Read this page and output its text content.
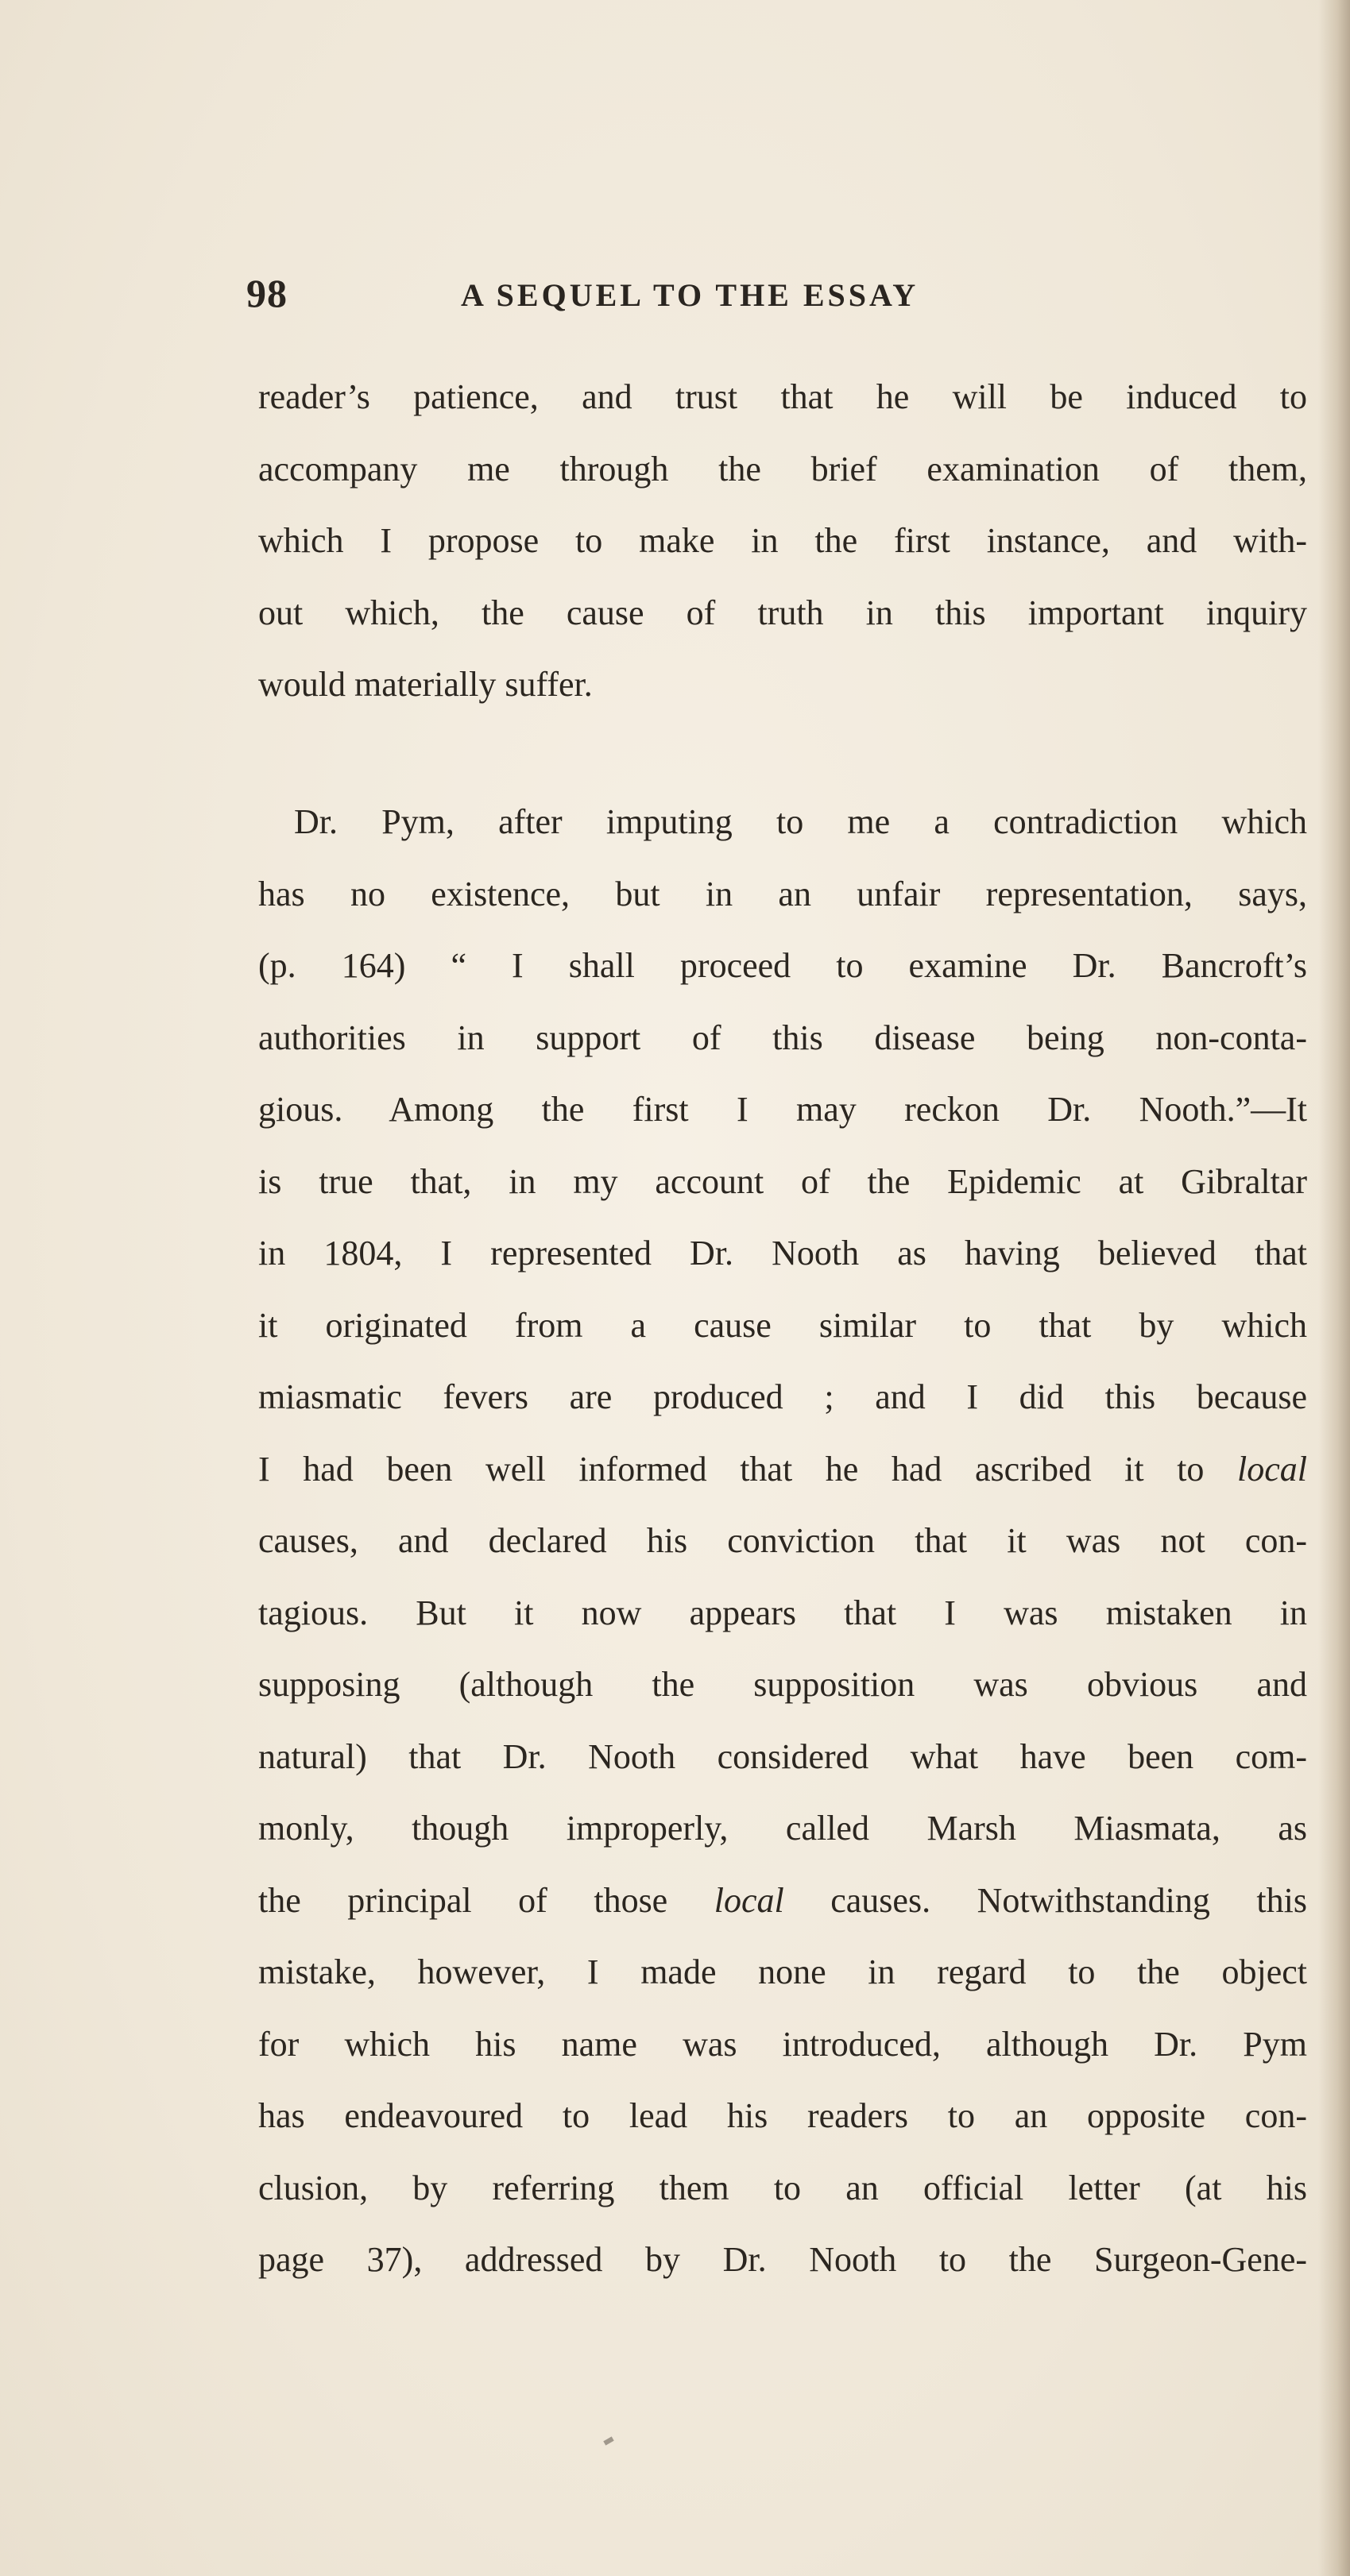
98	A SEQUEL TO THE ESSAY
reader’s patience, and trust that he will be induced to
accompany me through the brief examination of them,
which I propose to make in the first instance, and with-
out which, the cause of truth in this important inquiry
would materially suffer.
Dr. Pym, after imputing to me a contradiction which
has no existence, but in an unfair representation, says,
(p. 164) “ I shall proceed to examine Dr. Bancroft’s
authorities in support of this disease being non-conta-
gious. Among the first I may reckon Dr. Nooth.”—It
is true that, in my account of the Epidemic at Gibraltar
in 1804, I represented Dr. Nooth as having believed that
it originated from a cause similar to that by which
miasmatic fevers are produced ; and I did this because
I had been well informed that he had ascribed it to local
causes, and declared his conviction that it was not con-
tagious. But it now appears that I was mistaken in
supposing (although the supposition was obvious and
natural) that Dr. Nooth considered what have been com-
monly, though improperly, called Marsh Miasmata, as
the principal of those local causes. Notwithstanding this
mistake, however, I made none in regard to the object
for which his name was introduced, although Dr. Pym
has endeavoured to lead his readers to an opposite con-
clusion, by referring them to an official letter (at his
page 37), addressed by Dr. Nooth to the Surgeon-Gene-
